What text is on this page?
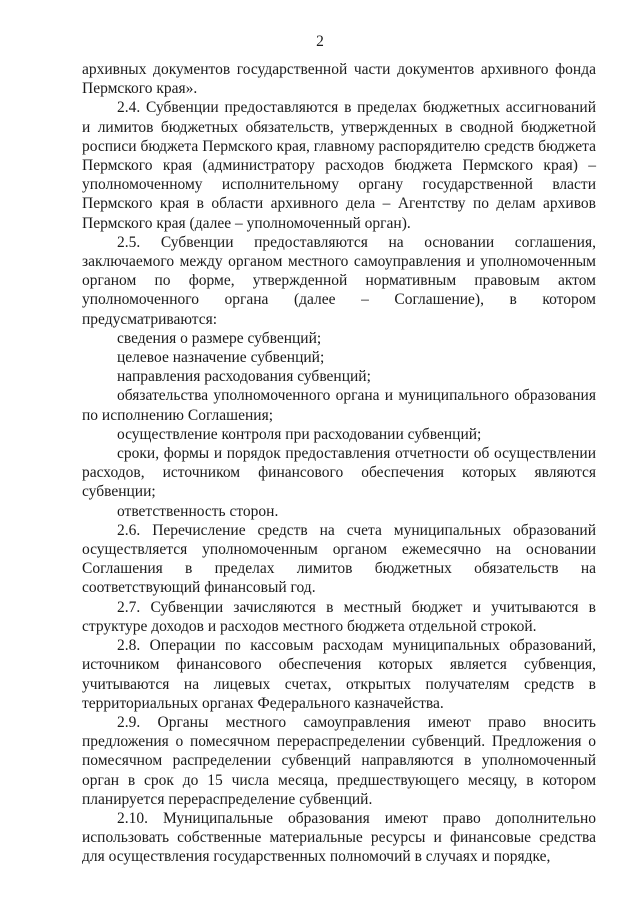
2

архивных документов государственной части документов архивного фонда Пермского края».

2.4. Субвенции предоставляются в пределах бюджетных ассигнований и лимитов бюджетных обязательств, утвержденных в сводной бюджетной росписи бюджета Пермского края, главному распорядителю средств бюджета Пермского края (администратору расходов бюджета Пермского края) – уполномоченному исполнительному органу государственной власти Пермского края в области архивного дела – Агентству по делам архивов Пермского края (далее – уполномоченный орган).

2.5. Субвенции предоставляются на основании соглашения, заключаемого между органом местного самоуправления и уполномоченным органом по форме, утвержденной нормативным правовым актом уполномоченного органа (далее – Соглашение), в котором предусматриваются:

сведения о размере субвенций;

целевое назначение субвенций;

направления расходования субвенций;

обязательства уполномоченного органа и муниципального образования по исполнению Соглашения;

осуществление контроля при расходовании субвенций;

сроки, формы и порядок предоставления отчетности об осуществлении расходов, источником финансового обеспечения которых являются субвенции;

ответственность сторон.

2.6. Перечисление средств на счета муниципальных образований осуществляется уполномоченным органом ежемесячно на основании Соглашения в пределах лимитов бюджетных обязательств на соответствующий финансовый год.

2.7. Субвенции зачисляются в местный бюджет и учитываются в структуре доходов и расходов местного бюджета отдельной строкой.

2.8. Операции по кассовым расходам муниципальных образований, источником финансового обеспечения которых является субвенция, учитываются на лицевых счетах, открытых получателям средств в территориальных органах Федерального казначейства.

2.9. Органы местного самоуправления имеют право вносить предложения о помесячном перераспределении субвенций. Предложения о помесячном распределении субвенций направляются в уполномоченный орган в срок до 15 числа месяца, предшествующего месяцу, в котором планируется перераспределение субвенций.

2.10. Муниципальные образования имеют право дополнительно использовать собственные материальные ресурсы и финансовые средства для осуществления государственных полномочий в случаях и порядке,
